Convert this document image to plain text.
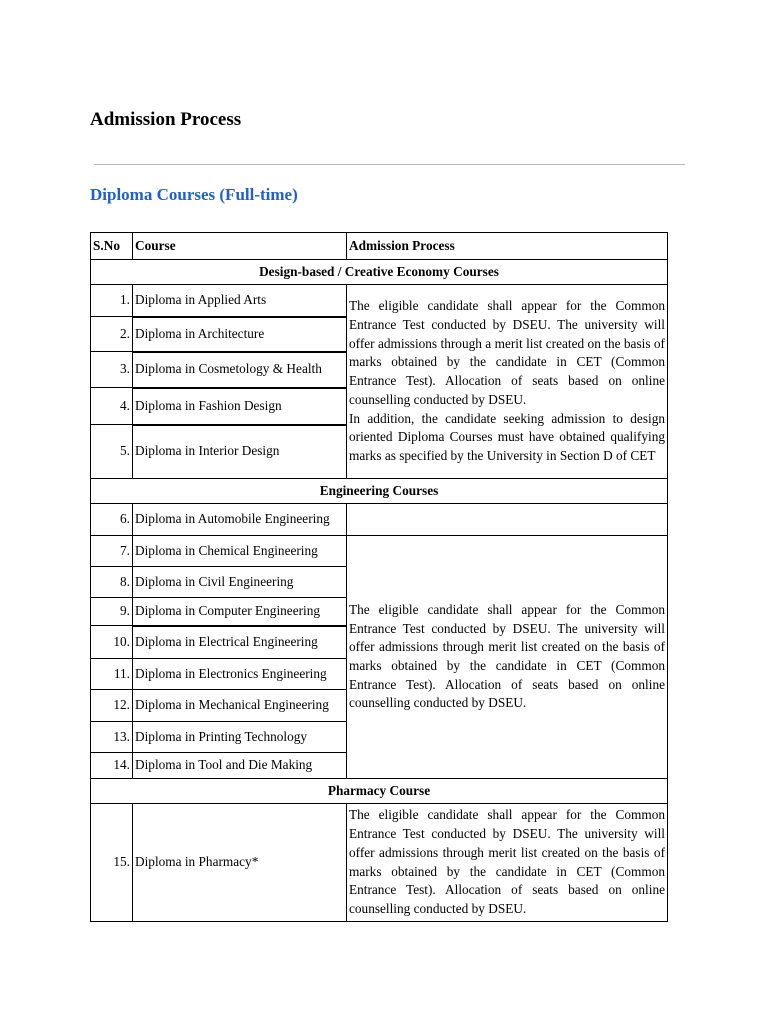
Admission Process
Diploma Courses (Full-time)
S.No	Course	Admission Process
Design-based / Creative Economy Courses		
1.	Diploma in Applied Arts	The eligible candidate shall appear for the Common Entrance Test conducted by DSEU. The university will offer admissions through a merit list created on the basis of marks obtained by the candidate in CET (Common Entrance Test). Allocation of seats based on online counselling conducted by DSEU.
In addition, the candidate seeking admission to design oriented Diploma Courses must have obtained qualifying marks as specified by the University in Section D of CET
2.	Diploma in Architecture	
3.	Diploma in Cosmetology & Health	
4.	Diploma in Fashion Design	
5.	Diploma in Interior Design	
Engineering Courses		
6.	Diploma in Automobile Engineering	
7.	Diploma in Chemical Engineering	The eligible candidate shall appear for the Common Entrance Test conducted by DSEU. The university will offer admissions through merit list created on the basis of marks obtained by the candidate in CET (Common Entrance Test). Allocation of seats based on online counselling conducted by DSEU.
8.	Diploma in Civil Engineering	
9.	Diploma in Computer Engineering	
10.	Diploma in Electrical Engineering	
11.	Diploma in Electronics Engineering	
12.	Diploma in Mechanical Engineering	
13.	Diploma in Printing Technology	
14.	Diploma in Tool and Die Making	
Pharmacy Course		
15.	Diploma in Pharmacy*	The eligible candidate shall appear for the Common Entrance Test conducted by DSEU. The university will offer admissions through merit list created on the basis of marks obtained by the candidate in CET (Common Entrance Test). Allocation of seats based on online counselling conducted by DSEU.
